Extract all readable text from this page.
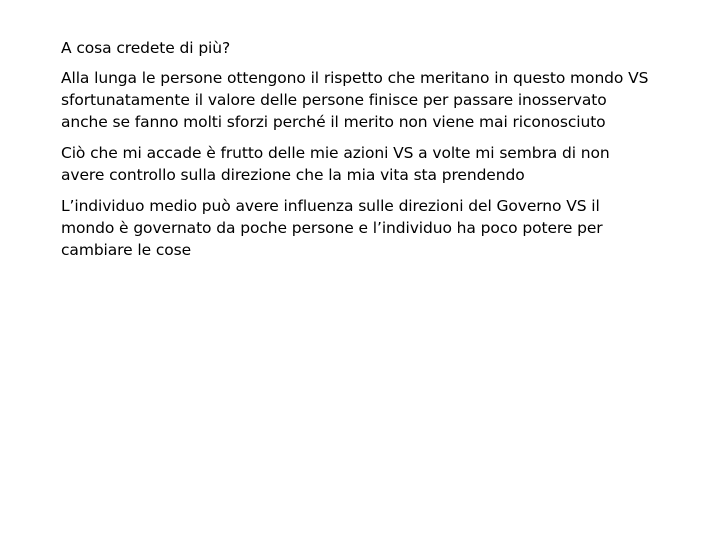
A cosa credete di più?

Alla lunga le persone ottengono il rispetto che meritano in questo mondo VS
sfortunatamente il valore delle persone finisce per passare inosservato
anche se fanno molti sforzi perché il merito non viene mai riconosciuto

Ciò che mi accade è frutto delle mie azioni VS a volte mi sembra di non
avere controllo sulla direzione che la mia vita sta prendendo

L’individuo medio può avere influenza sulle direzioni del Governo VS il
mondo è governato da poche persone e l’individuo ha poco potere per
cambiare le cose
